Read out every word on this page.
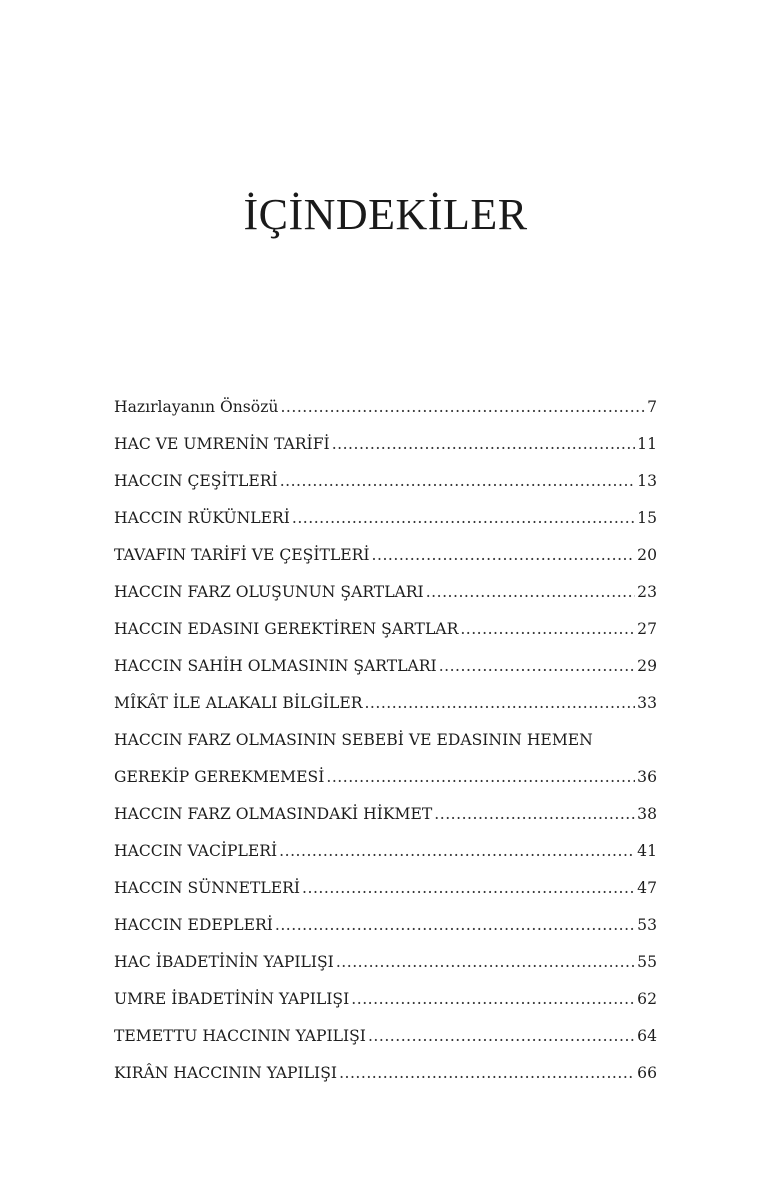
İÇİNDEKİLER
Hazırlayanın Önsözü .....	7
HAC VE UMRENİN TARİFİ .....	11
HACCIN ÇEŞİTLERİ .....	13
HACCIN RÜKÜNLERİ .....	15
TAVAFIN TARİFİ VE ÇEŞİTLERİ .....	20
HACCIN FARZ OLUŞUNUN ŞARTLARI .....	23
HACCIN EDASINI GEREKTİREN ŞARTLAR .....	27
HACCIN SAHİH OLMASININ ŞARTLARI .....	29
MÎKÂT İLE ALAKALI BİLGİLER .....	33
HACCIN FARZ OLMASININ SEBEBİ VE EDASININ HEMEN
GEREKİP GEREKMEMESİ .....	36
HACCIN FARZ OLMASINDAKİ HİKMET .....	38
HACCIN VACİPLERİ .....	41
HACCIN SÜNNETLERİ .....	47
HACCIN EDEPLERİ .....	53
HAC İBADETİNİN YAPILIŞI .....	55
UMRE İBADETİNİN YAPILIŞI .....	62
TEMETTU HACCININ YAPILIŞI .....	64
KIRÂN HACCININ YAPILIŞI .....	66
